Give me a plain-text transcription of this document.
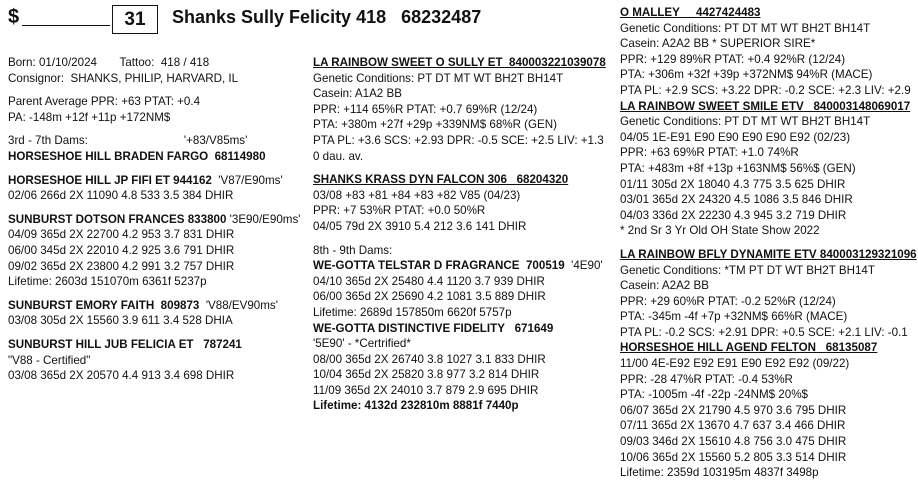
$	31	Shanks Sully Felicity 418 68232487
Born: 01/10/2024 Tattoo: 418 / 418
Consignor: SHANKS, PHILIP, HARVARD, IL
Parent Average PPR: +63 PTAT: +0.4
PA: -148m +12f +11p +172NM$
3rd - 7th Dams:	'+83/V85ms'
HORSESHOE HILL BRADEN FARGO 68114980
HORSESHOE HILL JP FIFI ET 944162 'V87/E90ms'
02/06 266d 2X 11090 4.8 533 3.5 384 DHIR
SUNBURST DOTSON FRANCES 833800 '3E90/E90ms'
04/09 365d 2X 22700 4.2 953 3.7 831 DHIR
06/00 345d 2X 22010 4.2 925 3.6 791 DHIR
09/02 365d 2X 23800 4.2 991 3.2 757 DHIR
Lifetime: 2603d 151070m 6361f 5237p
SUNBURST EMORY FAITH 809873 'V88/EV90ms'
03/08 305d 2X 15560 3.9 611 3.4 528 DHIA
SUNBURST HILL JUB FELICIA ET 787241
"V88 - Certified"
03/08 365d 2X 20570 4.4 913 3.4 698 DHIR
LA RAINBOW SWEET O SULLY ET 840003221039078
Genetic Conditions: PT DT MT WT BH2T BH14T
Casein: A1A2 BB
PPR: +114 65%R PTAT: +0.7 69%R (12/24)
PTA: +380m +27f +29p +339NM$ 68%R (GEN)
PTA PL: +3.6 SCS: +2.93 DPR: -0.5 SCE: +2.5 LIV: +1.3
0 dau. av.
SHANKS KRASS DYN FALCON 306 68204320
03/08 +83 +81 +84 +83 +82 V85 (04/23)
PPR: +7 53%R PTAT: +0.0 50%R
04/05 79d 2X 3910 5.4 212 3.6 141 DHIR
8th - 9th Dams:
WE-GOTTA TELSTAR D FRAGRANCE 700519 '4E90'
04/10 365d 2X 25480 4.4 1120 3.7 939 DHIR
06/00 365d 2X 25690 4.2 1081 3.5 889 DHIR
Lifetime: 2689d 157850m 6620f 5757p
WE-GOTTA DISTINCTIVE FIDELITY 671649
'5E90' - *Certrified*
08/00 365d 2X 26740 3.8 1027 3.1 833 DHIR
10/04 365d 2X 25820 3.8 977 3.2 814 DHIR
11/09 365d 2X 24010 3.7 879 2.9 695 DHIR
Lifetime: 4132d 232810m 8881f 7440p
O MALLEY 4427424483
Genetic Conditions: PT DT MT WT BH2T BH14T
Casein: A2A2 BB * SUPERIOR SIRE*
PPR: +129 89%R PTAT: +0.4 92%R (12/24)
PTA: +306m +32f +39p +372NM$ 94%R (MACE)
PTA PL: +2.9 SCS: +3.22 DPR: -0.2 SCE: +2.3 LIV: +2.9
LA RAINBOW SWEET SMILE ETV 840003148069017
Genetic Conditions: PT DT MT WT BH2T BH14T
04/05 1E-E91 E90 E90 E90 E90 E92 (02/23)
PPR: +63 69%R PTAT: +1.0 74%R
PTA: +483m +8f +13p +163NM$ 56%$ (GEN)
01/11 305d 2X 18040 4.3 775 3.5 625 DHIR
03/01 365d 2X 24320 4.5 1086 3.5 846 DHIR
04/03 336d 2X 22230 4.3 945 3.2 719 DHIR
* 2nd Sr 3 Yr Old OH State Show 2022
LA RAINBOW BFLY DYNAMITE ETV 840003129321096
Genetic Conditions: *TM PT DT WT BH2T BH14T
Casein: A2A2 BB
PPR: +29 60%R PTAT: -0.2 52%R (12/24)
PTA: -345m -4f +7p +32NM$ 66%R (MACE)
PTA PL: -0.2 SCS: +2.91 DPR: +0.5 SCE: +2.1 LIV: -0.1
HORSESHOE HILL AGEND FELTON 68135087
11/00 4E-E92 E92 E91 E90 E92 E92 (09/22)
PPR: -28 47%R PTAT: -0.4 53%R
PTA: -1005m -4f -22p -24NM$ 20%$
06/07 365d 2X 21790 4.5 970 3.6 795 DHIR
07/11 365d 2X 13670 4.7 637 3.4 466 DHIR
09/03 346d 2X 15610 4.8 756 3.0 475 DHIR
10/06 365d 2X 15560 5.2 805 3.3 514 DHIR
Lifetime: 2359d 103195m 4837f 3498p
